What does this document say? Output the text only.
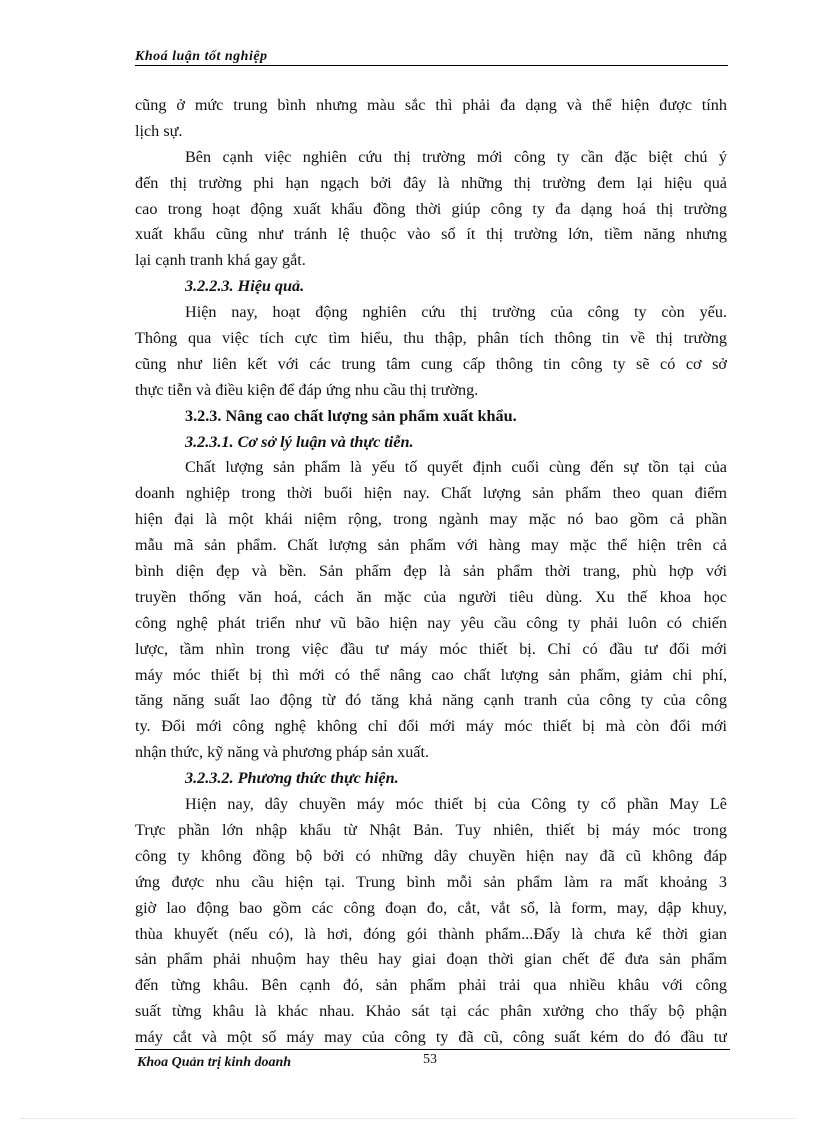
Khoá luận tốt nghiệp
cũng ở mức trung bình nhưng màu sắc thì phải đa dạng và thể hiện được tính
lịch sự.
Bên cạnh việc nghiên cứu thị trường mới công ty cần đặc biệt chú ý
đến thị trường phi hạn ngạch bởi đây là những thị trường đem lại hiệu quả
cao trong hoạt động xuất khẩu đồng thời giúp công ty đa dạng hoá thị trường
xuất khẩu cũng như tránh lệ thuộc vào số ít thị trường lớn, tiềm năng nhưng
lại cạnh tranh khá gay gắt.
3.2.2.3. Hiệu quả.
Hiện nay, hoạt động nghiên cứu thị trường của công ty còn yếu.
Thông qua việc tích cực tìm hiểu, thu thập, phân tích thông tin về thị trường
cũng như liên kết với các trung tâm cung cấp thông tin công ty sẽ có cơ sở
thực tiễn và điều kiện để đáp ứng nhu cầu thị trường.
3.2.3. Nâng cao chất lượng sản phẩm xuất khẩu.
3.2.3.1. Cơ sở lý luận và thực tiễn.
Chất lượng sản phẩm là yếu tố quyết định cuối cùng đến sự tồn tại của
doanh nghiệp trong thời buổi hiện nay. Chất lượng sản phẩm theo quan điểm
hiện đại là một khái niệm rộng, trong ngành may mặc nó bao gồm cả phần
mẫu mã sản phẩm. Chất lượng sản phẩm với hàng may mặc thể hiện trên cả
bình diện đẹp và bền. Sản phẩm đẹp là sản phẩm thời trang, phù hợp với
truyền thống văn hoá, cách ăn mặc của người tiêu dùng. Xu thế khoa học
công nghệ phát triển như vũ bão hiện nay yêu cầu công ty phải luôn có chiến
lược, tầm nhìn trong việc đầu tư máy móc thiết bị. Chỉ có đầu tư đổi mới
máy móc thiết bị thì mới có thể nâng cao chất lượng sản phẩm, giảm chi phí,
tăng năng suất lao động từ đó tăng khả năng cạnh tranh của công ty của công
ty. Đổi mới công nghệ không chỉ đổi mới máy móc thiết bị mà còn đổi mới
nhận thức, kỹ năng và phương pháp sản xuất.
3.2.3.2. Phương thức thực hiện.
Hiện nay, dây chuyền máy móc thiết bị của Công ty cổ phần May Lê
Trực phần lớn nhập khẩu từ Nhật Bản. Tuy nhiên, thiết bị máy móc trong
công ty không đồng bộ bởi có những dây chuyền hiện nay đã cũ không đáp
ứng được nhu cầu hiện tại. Trung bình mỗi sản phẩm làm ra mất khoảng 3
giờ lao động bao gồm các công đoạn đo, cắt, vắt sổ, là form, may, dập khuy,
thùa khuyết (nếu có), là hơi, đóng gói thành phẩm...Đấy là chưa kể thời gian
sản phẩm phải nhuộm hay thêu hay giai đoạn thời gian chết để đưa sản phẩm
đến từng khâu. Bên cạnh đó, sản phẩm phải trải qua nhiều khâu với công
suất từng khâu là khác nhau. Khảo sát tại các phân xưởng cho thấy bộ phận
máy cắt và một số máy may của công ty đã cũ, công suất kém do đó đầu tư
Khoa Quản trị kinh doanh	53
